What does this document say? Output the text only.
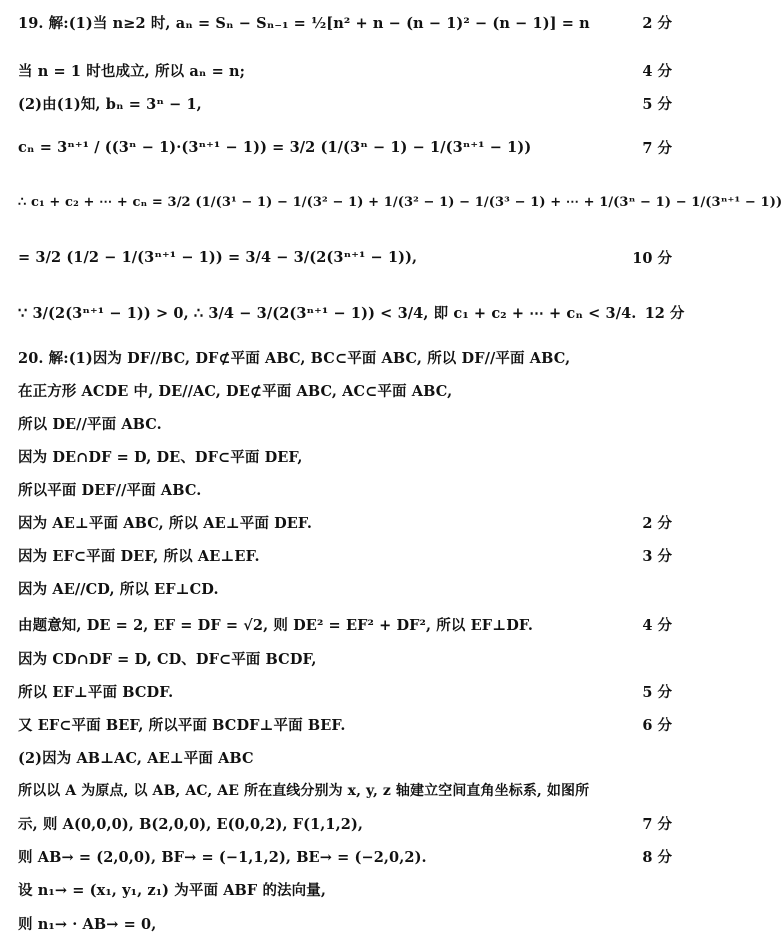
19. 解:(1)当 n≥2 时, aₙ = Sₙ − Sₙ₋₁ = ½[n² + n − (n − 1)² − (n − 1)] = n	2 分
当 n = 1 时也成立, 所以 aₙ = n;	4 分
(2)由(1)知, bₙ = 3ⁿ − 1,	5 分
cₙ = 3ⁿ⁺¹ / ((3ⁿ − 1)·(3ⁿ⁺¹ − 1)) = 3/2 (1/(3ⁿ − 1) − 1/(3ⁿ⁺¹ − 1))	7 分
∴ c₁ + c₂ + ⋯ + cₙ = 3/2 (1/(3¹ − 1) − 1/(3² − 1) + 1/(3² − 1) − 1/(3³ − 1) + ⋯ + 1/(3ⁿ − 1) − 1/(3ⁿ⁺¹ − 1))
= 3/2 (1/2 − 1/(3ⁿ⁺¹ − 1)) = 3/4 − 3/(2(3ⁿ⁺¹ − 1)),	10 分
∵ 3/(2(3ⁿ⁺¹ − 1)) > 0, ∴ 3/4 − 3/(2(3ⁿ⁺¹ − 1)) < 3/4, 即 c₁ + c₂ + ⋯ + cₙ < 3/4. 12 分
20. 解:(1)因为 DF//BC, DF⊄平面 ABC, BC⊂平面 ABC, 所以 DF//平面 ABC,
在正方形 ACDE 中, DE//AC, DE⊄平面 ABC, AC⊂平面 ABC,
所以 DE//平面 ABC.
因为 DE∩DF = D, DE、DF⊂平面 DEF,
所以平面 DEF//平面 ABC.
因为 AE⊥平面 ABC, 所以 AE⊥平面 DEF.	2 分
因为 EF⊂平面 DEF, 所以 AE⊥EF.	3 分
因为 AE//CD, 所以 EF⊥CD.
由题意知, DE = 2, EF = DF = √2, 则 DE² = EF² + DF², 所以 EF⊥DF.	4 分
因为 CD∩DF = D, CD、DF⊂平面 BCDF,
所以 EF⊥平面 BCDF.	5 分
又 EF⊂平面 BEF, 所以平面 BCDF⊥平面 BEF.	6 分
(2)因为 AB⊥AC, AE⊥平面 ABC
所以以 A 为原点, 以 AB, AC, AE 所在直线分别为 x, y, z 轴建立空间直角坐标系, 如图所
示, 则 A(0,0,0), B(2,0,0), E(0,0,2), F(1,1,2),	7 分
则 AB→ = (2,0,0), BF→ = (−1,1,2), BE→ = (−2,0,2).	8 分
设 n₁→ = (x₁, y₁, z₁) 为平面 ABF 的法向量,
则 n₁→ · AB→ = 0,
